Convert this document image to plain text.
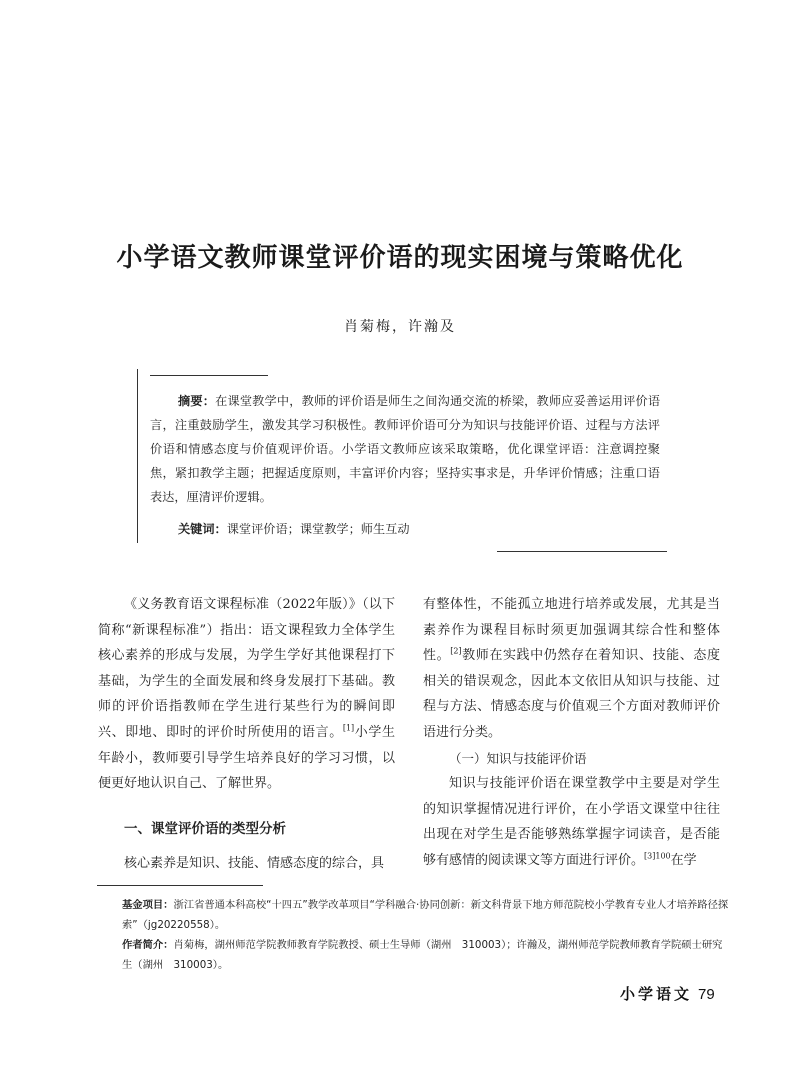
小学语文教师课堂评价语的现实困境与策略优化
肖菊梅，许瀚及
摘要：在课堂教学中，教师的评价语是师生之间沟通交流的桥梁，教师应妥善运用评价语言，注重鼓励学生，激发其学习积极性。教师评价语可分为知识与技能评价语、过程与方法评价语和情感态度与价值观评价语。小学语文教师应该采取策略，优化课堂评语：注意调控聚焦，紧扣教学主题；把握适度原则，丰富评价内容；坚持实事求是，升华评价情感；注重口语表达，厘清评价逻辑。
关键词：课堂评价语；课堂教学；师生互动

《义务教育语文课程标准（2022年版）》（以下简称“新课程标准”）指出：语文课程致力全体学生核心素养的形成与发展，为学生学好其他课程打下基础，为学生的全面发展和终身发展打下基础。教师的评价语指教师在学生进行某些行为的瞬间即兴、即地、即时的评价时所使用的语言。[1]小学生年龄小，教师要引导学生培养良好的学习习惯，以便更好地认识自己、了解世界。

一、课堂评价语的类型分析

核心素养是知识、技能、情感态度的综合，具

有整体性，不能孤立地进行培养或发展，尤其是当素养作为课程目标时须更加强调其综合性和整体性。[2]教师在实践中仍然存在着知识、技能、态度相关的错误观念，因此本文依旧从知识与技能、过程与方法、情感态度与价值观三个方面对教师评价语进行分类。

（一）知识与技能评价语

知识与技能评价语在课堂教学中主要是对学生的知识掌握情况进行评价，在小学语文课堂中往往出现在对学生是否能够熟练掌握字词读音，是否能够有感情的阅读课文等方面进行评价。$^{[3]100}$在学

基金项目：浙江省普通本科高校“十四五”教学改革项目“学科融合·协同创新：新文科背景下地方师范院校小学教育专业人才培养路径探索”（jg20220558）。
作者简介：肖菊梅，湖州师范学院教师教育学院教授、硕士生导师（湖州　310003）；许瀚及，湖州师范学院教师教育学院硕士研究生（湖州　310003）。
小学语文 79
